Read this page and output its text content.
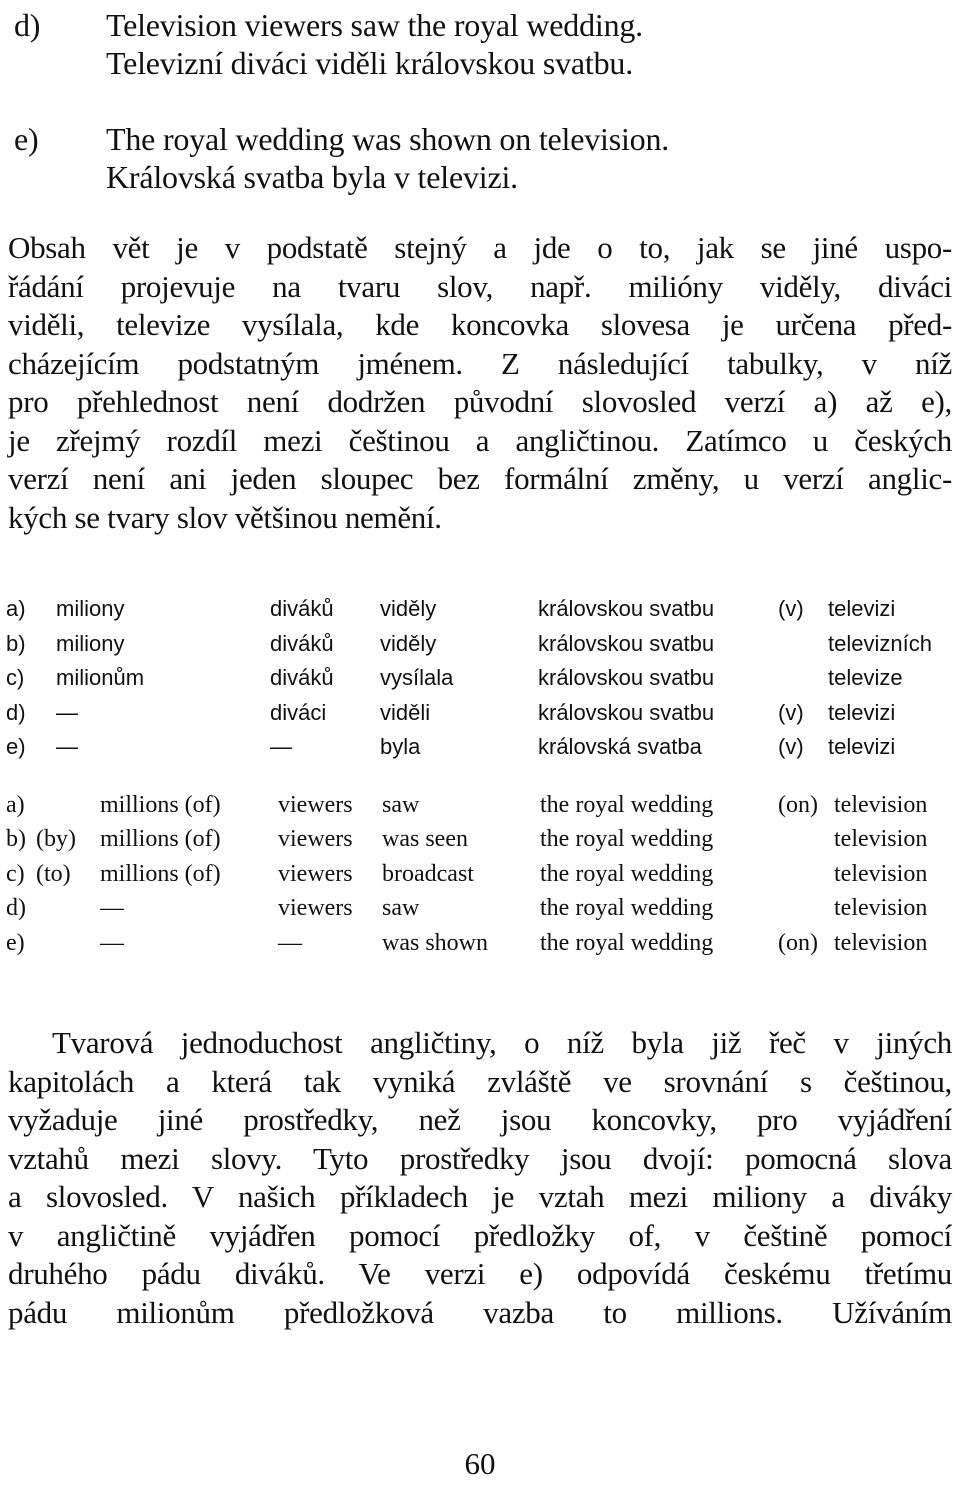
d) Television viewers saw the royal wedding.
Televizní diváci viděli královskou svatbu.
e) The royal wedding was shown on television.
Královská svatba byla v televizi.
Obsah vět je v podstatě stejný a jde o to, jak se jiné uspo-
řádání projevuje na tvaru slov, např. milióny viděly, diváci
viděli, televize vysílala, kde koncovka slovesa je určena před-
cházejícím podstatným jménem. Z následující tabulky, v níž
pro přehlednost není dodržen původní slovosled verzí a) až e),
je zřejmý rozdíl mezi češtinou a angličtinou. Zatímco u českých
verzí není ani jeden sloupec bez formální změny, u verzí anglic-
kých se tvary slov většinou nemění.
a)	miliony	diváků	viděly	královskou svatbu	(v)	televizi
b)	miliony	diváků	viděly	královskou svatbu		televizních
c)	milionům	diváků	vysílala	královskou svatbu		televize
d)	—	diváci	viděli	královskou svatbu	(v)	televizi
e)	—	—	byla	královská svatba	(v)	televizi
a)		millions (of)	viewers	saw	the royal wedding	(on)	television
b)	(by)	millions (of)	viewers	was seen	the royal wedding		television
c)	(to)	millions (of)	viewers	broadcast	the royal wedding		television
d)		—	viewers	saw	the royal wedding		television
e)		—	—	was shown	the royal wedding	(on)	television
Tvarová jednoduchost angličtiny, o níž byla již řeč v jiných
kapitolách a která tak vyniká zvláště ve srovnání s češtinou,
vyžaduje jiné prostředky, než jsou koncovky, pro vyjádření
vztahů mezi slovy. Tyto prostředky jsou dvojí: pomocná slova
a slovosled. V našich příkladech je vztah mezi miliony a diváky
v angličtině vyjádřen pomocí předložky of, v češtině pomocí
druhého pádu diváků. Ve verzi e) odpovídá českému třetímu
pádu milionům předložková vazba to millions. Užíváním
60
